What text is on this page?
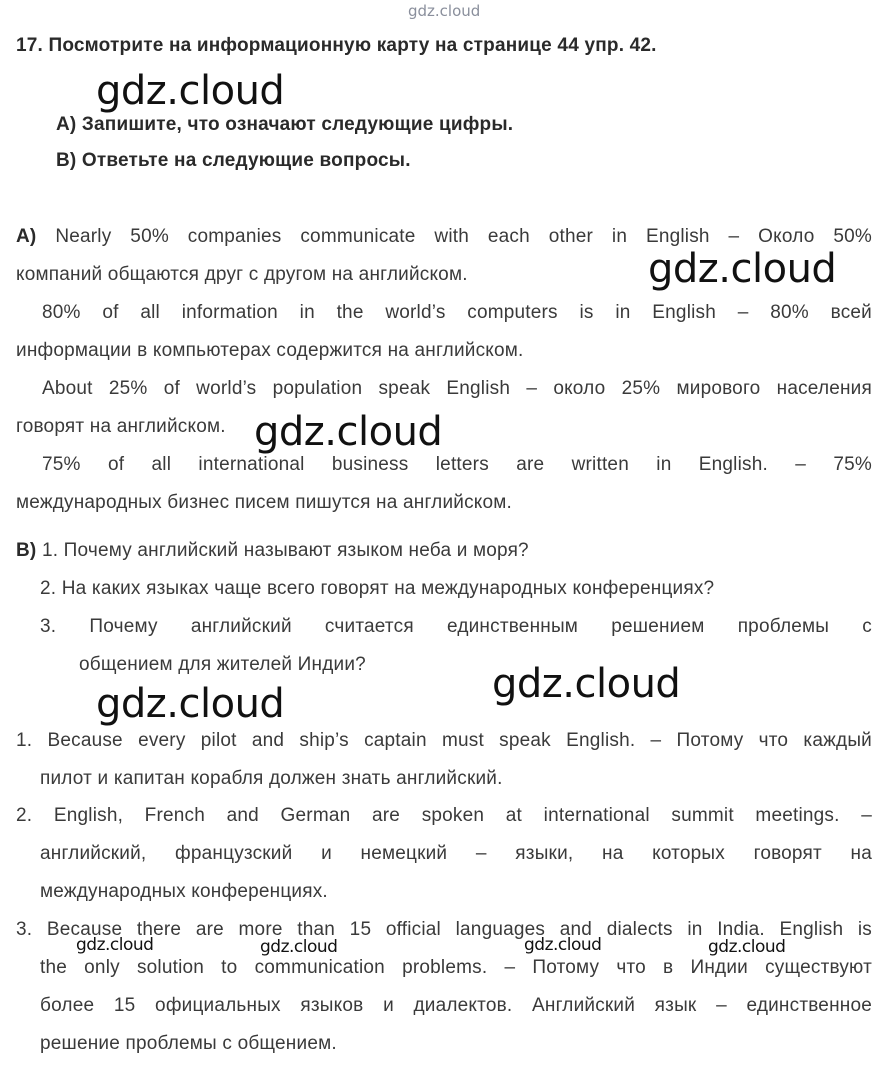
gdz.cloud
17. Посмотрите на информационную карту на странице 44 упр. 42.
А) Запишите, что означают следующие цифры.
В) Ответьте на следующие вопросы.
А) Nearly 50% companies communicate with each other in English – Около 50%
компаний общаются друг с другом на английском.
80% of all information in the world’s computers is in English – 80% всей
информации в компьютерах содержится на английском.
About 25% of world’s population speak English – около 25% мирового населения
говорят на английском.
75% of all international business letters are written in English. – 75%
международных бизнес писем пишутся на английском.
В) 1. Почему английский называют языком неба и моря?
2. На каких языках чаще всего говорят на международных конференциях?
3. Почему английский считается единственным решением проблемы с
общением для жителей Индии?
1. Because every pilot and ship’s captain must speak English. – Потому что каждый
пилот и капитан корабля должен знать английский.
2. English, French and German are spoken at international summit meetings. –
английский, французский и немецкий – языки, на которых говорят на
международных конференциях.
3. Because there are more than 15 official languages and dialects in India. English is
the only solution to communication problems. – Потому что в Индии существуют
более 15 официальных языков и диалектов. Английский язык – единственное
решение проблемы с общением.
gdz.cloud
gdz.cloud
gdz.cloud
gdz.cloud
gdz.cloud
gdz.cloud	gdz.cloud	gdz.cloud	gdz.cloud
